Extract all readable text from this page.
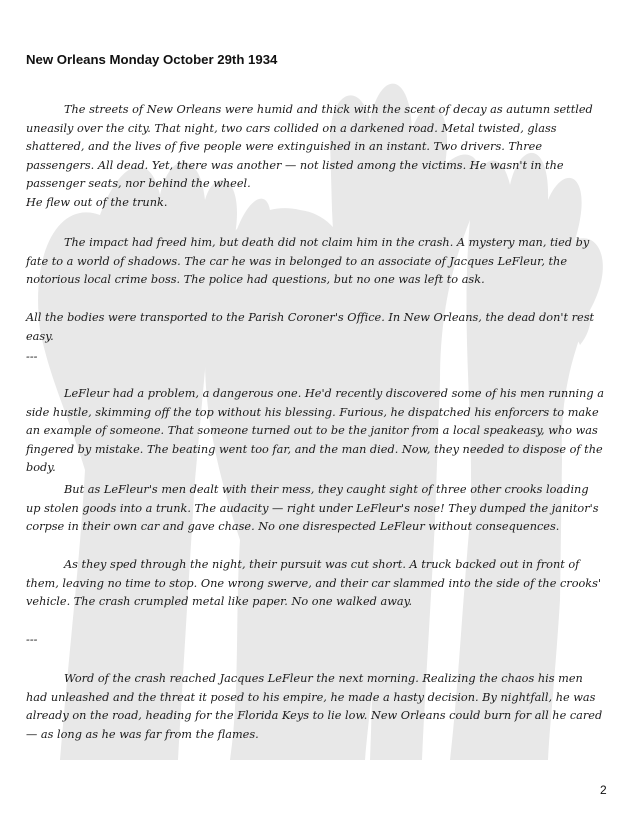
New Orleans Monday October 29th 1934

The streets of New Orleans were humid and thick with the scent of decay as autumn settled uneasily over the city. That night, two cars collided on a darkened road. Metal twisted, glass shattered, and the lives of five people were extinguished in an instant. Two drivers. Three passengers. All dead. Yet, there was another — not listed among the victims. He wasn't in the passenger seats, nor behind the wheel.

He flew out of the trunk.

The impact had freed him, but death did not claim him in the crash. A mystery man, tied by fate to a world of shadows. The car he was in belonged to an associate of Jacques LeFleur, the notorious local crime boss. The police had questions, but no one was left to ask.

All the bodies were transported to the Parish Coroner's Office. In New Orleans, the dead don't rest easy.

---

LeFleur had a problem, a dangerous one. He'd recently discovered some of his men running a side hustle, skimming off the top without his blessing. Furious, he dispatched his enforcers to make an example of someone. That someone turned out to be the janitor from a local speakeasy, who was fingered by mistake. The beating went too far, and the man died. Now, they needed to dispose of the body.

But as LeFleur's men dealt with their mess, they caught sight of three other crooks loading up stolen goods into a trunk. The audacity — right under LeFleur's nose! They dumped the janitor's corpse in their own car and gave chase. No one disrespected LeFleur without consequences.

As they sped through the night, their pursuit was cut short. A truck backed out in front of them, leaving no time to stop. One wrong swerve, and their car slammed into the side of the crooks' vehicle. The crash crumpled metal like paper. No one walked away.

---

Word of the crash reached Jacques LeFleur the next morning. Realizing the chaos his men had unleashed and the threat it posed to his empire, he made a hasty decision. By nightfall, he was already on the road, heading for the Florida Keys to lie low. New Orleans could burn for all he cared — as long as he was far from the flames.

2
